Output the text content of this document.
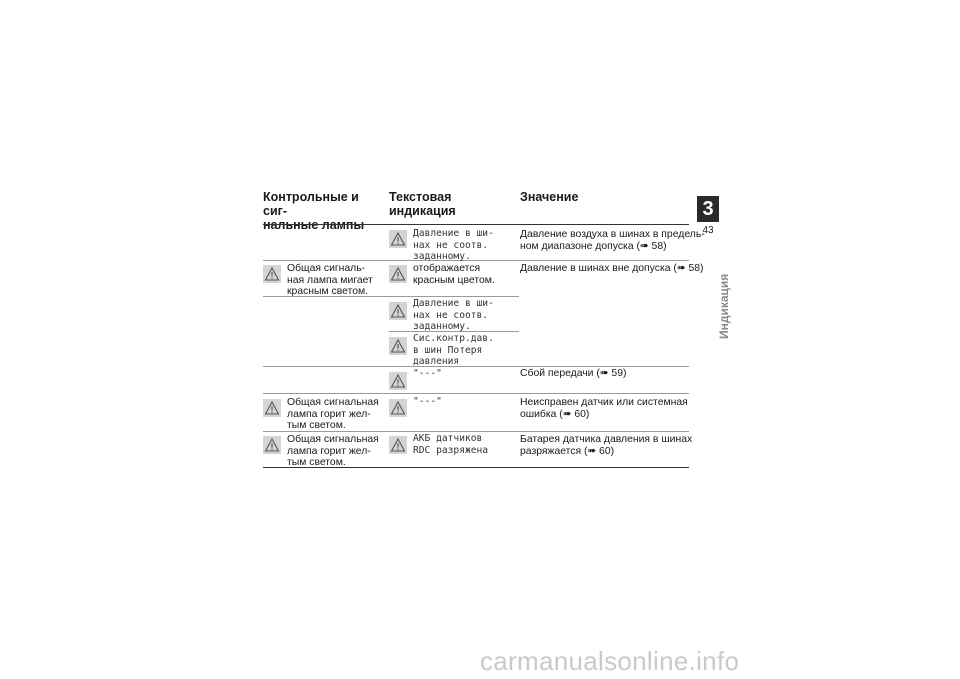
Контрольные и сиг-
нальные лампы
Текстовая индикация
Значение
Давление в ши-
нах не соотв.
заданному.
Давление воздуха в шинах в предель-
ном диапазоне допуска (➠ 58)
Общая сигналь-
ная лампа мигает
красным светом.
отображается
красным цветом.
Давление в шинах вне допуска (➠ 58)
Давление в ши-
нах не соотв.
заданному.
Сис.контр.дав.
в шин Потеря
давления
"---"	Сбой передачи (➠ 59)
Общая сигнальная
лампа горит жел-
тым светом.
"---"	Неисправен датчик или системная
ошибка (➠ 60)
Общая сигнальная
лампа горит жел-
тым светом.
АКБ датчиков
RDC разряжена
Батарея датчика давления в шинах
разряжается (➠ 60)
3
43
Индикация
carmanualsonline.info
